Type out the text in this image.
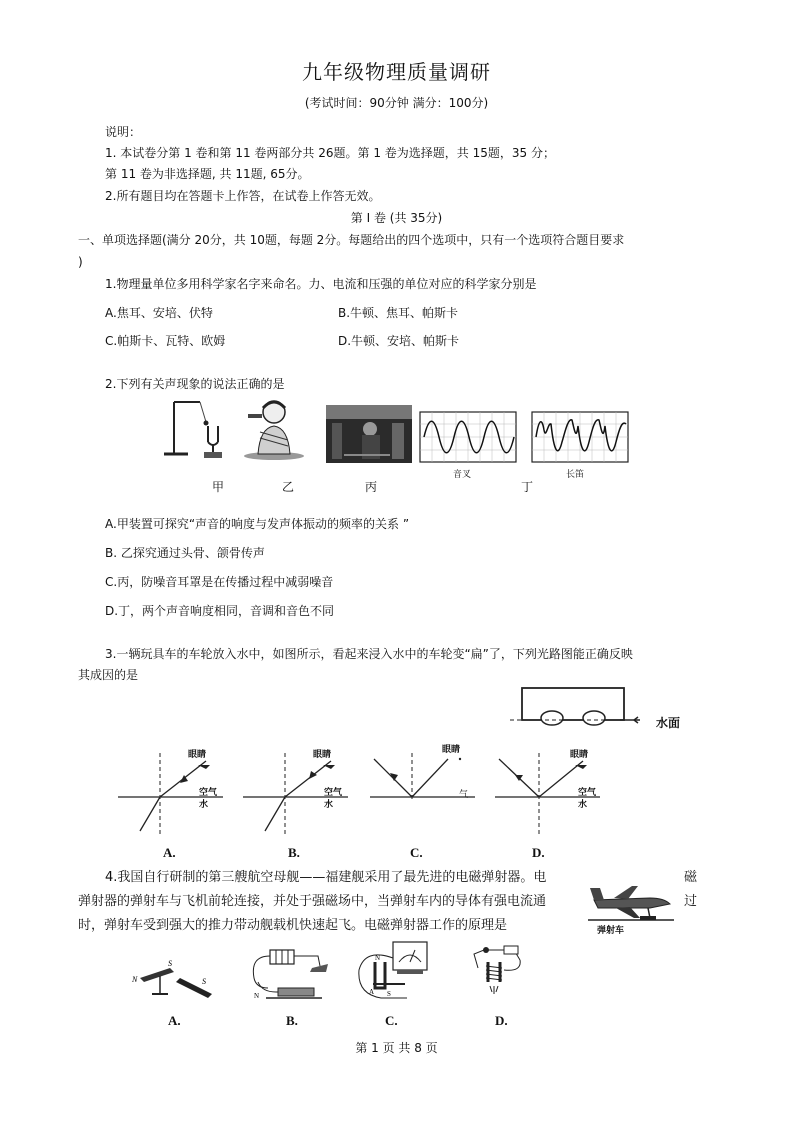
九年级物理质量调研
(考试时间：90分钟 满分：100分)
说明：
1. 本试卷分第 1 卷和第 11 卷两部分共 26题。第 1 卷为选择题，共 15题，35 分；
第 11 卷为非选择题, 共 11题, 65分。
2.所有题目均在答题卡上作答，在试卷上作答无效。
第 Ⅰ 卷 (共 35分)
一、单项选择题(满分 20分，共 10题，每题 2分。每题给出的四个选项中，只有一个选项符合题目要求
)
1.物理量单位多用科学家名字来命名。力、电流和压强的单位对应的科学家分别是
A.焦耳、安培、伏特	B.牛顿、焦耳、帕斯卡
C.帕斯卡、瓦特、欧姆	D.牛顿、安培、帕斯卡
2.下列有关声现象的说法正确的是
甲	乙	丙
音叉	长笛
丁
A.甲装置可探究“声音的响度与发声体振动的频率的关系 ”
B. 乙探究通过头骨、颌骨传声
C.丙，防噪音耳罩是在传播过程中减弱噪音
D.丁，两个声音响度相同，音调和音色不同
3.一辆玩具车的车轮放入水中，如图所示，看起来浸入水中的车轮变“扁”了，下列光路图能正确反映
其成因的是
水面
眼睛
空气
水
眼睛
空气
水
眼睛
气
眼睛
空气
水
A.	B.	C.	D.
4.我国自行研制的第三艘航空母舰——福建舰采用了最先进的电磁弹射器。电	磁
弹射器的弹射车与飞机前轮连接，并处于强磁场中，当弹射车内的导体有强电流通	过
时，弹射车受到强大的推力带动舰载机快速起飞。电磁弹射器工作的原理是	弹射车
N
S
S
N	A S
N
A.	B.	C.	D.
第 1 页 共 8 页
